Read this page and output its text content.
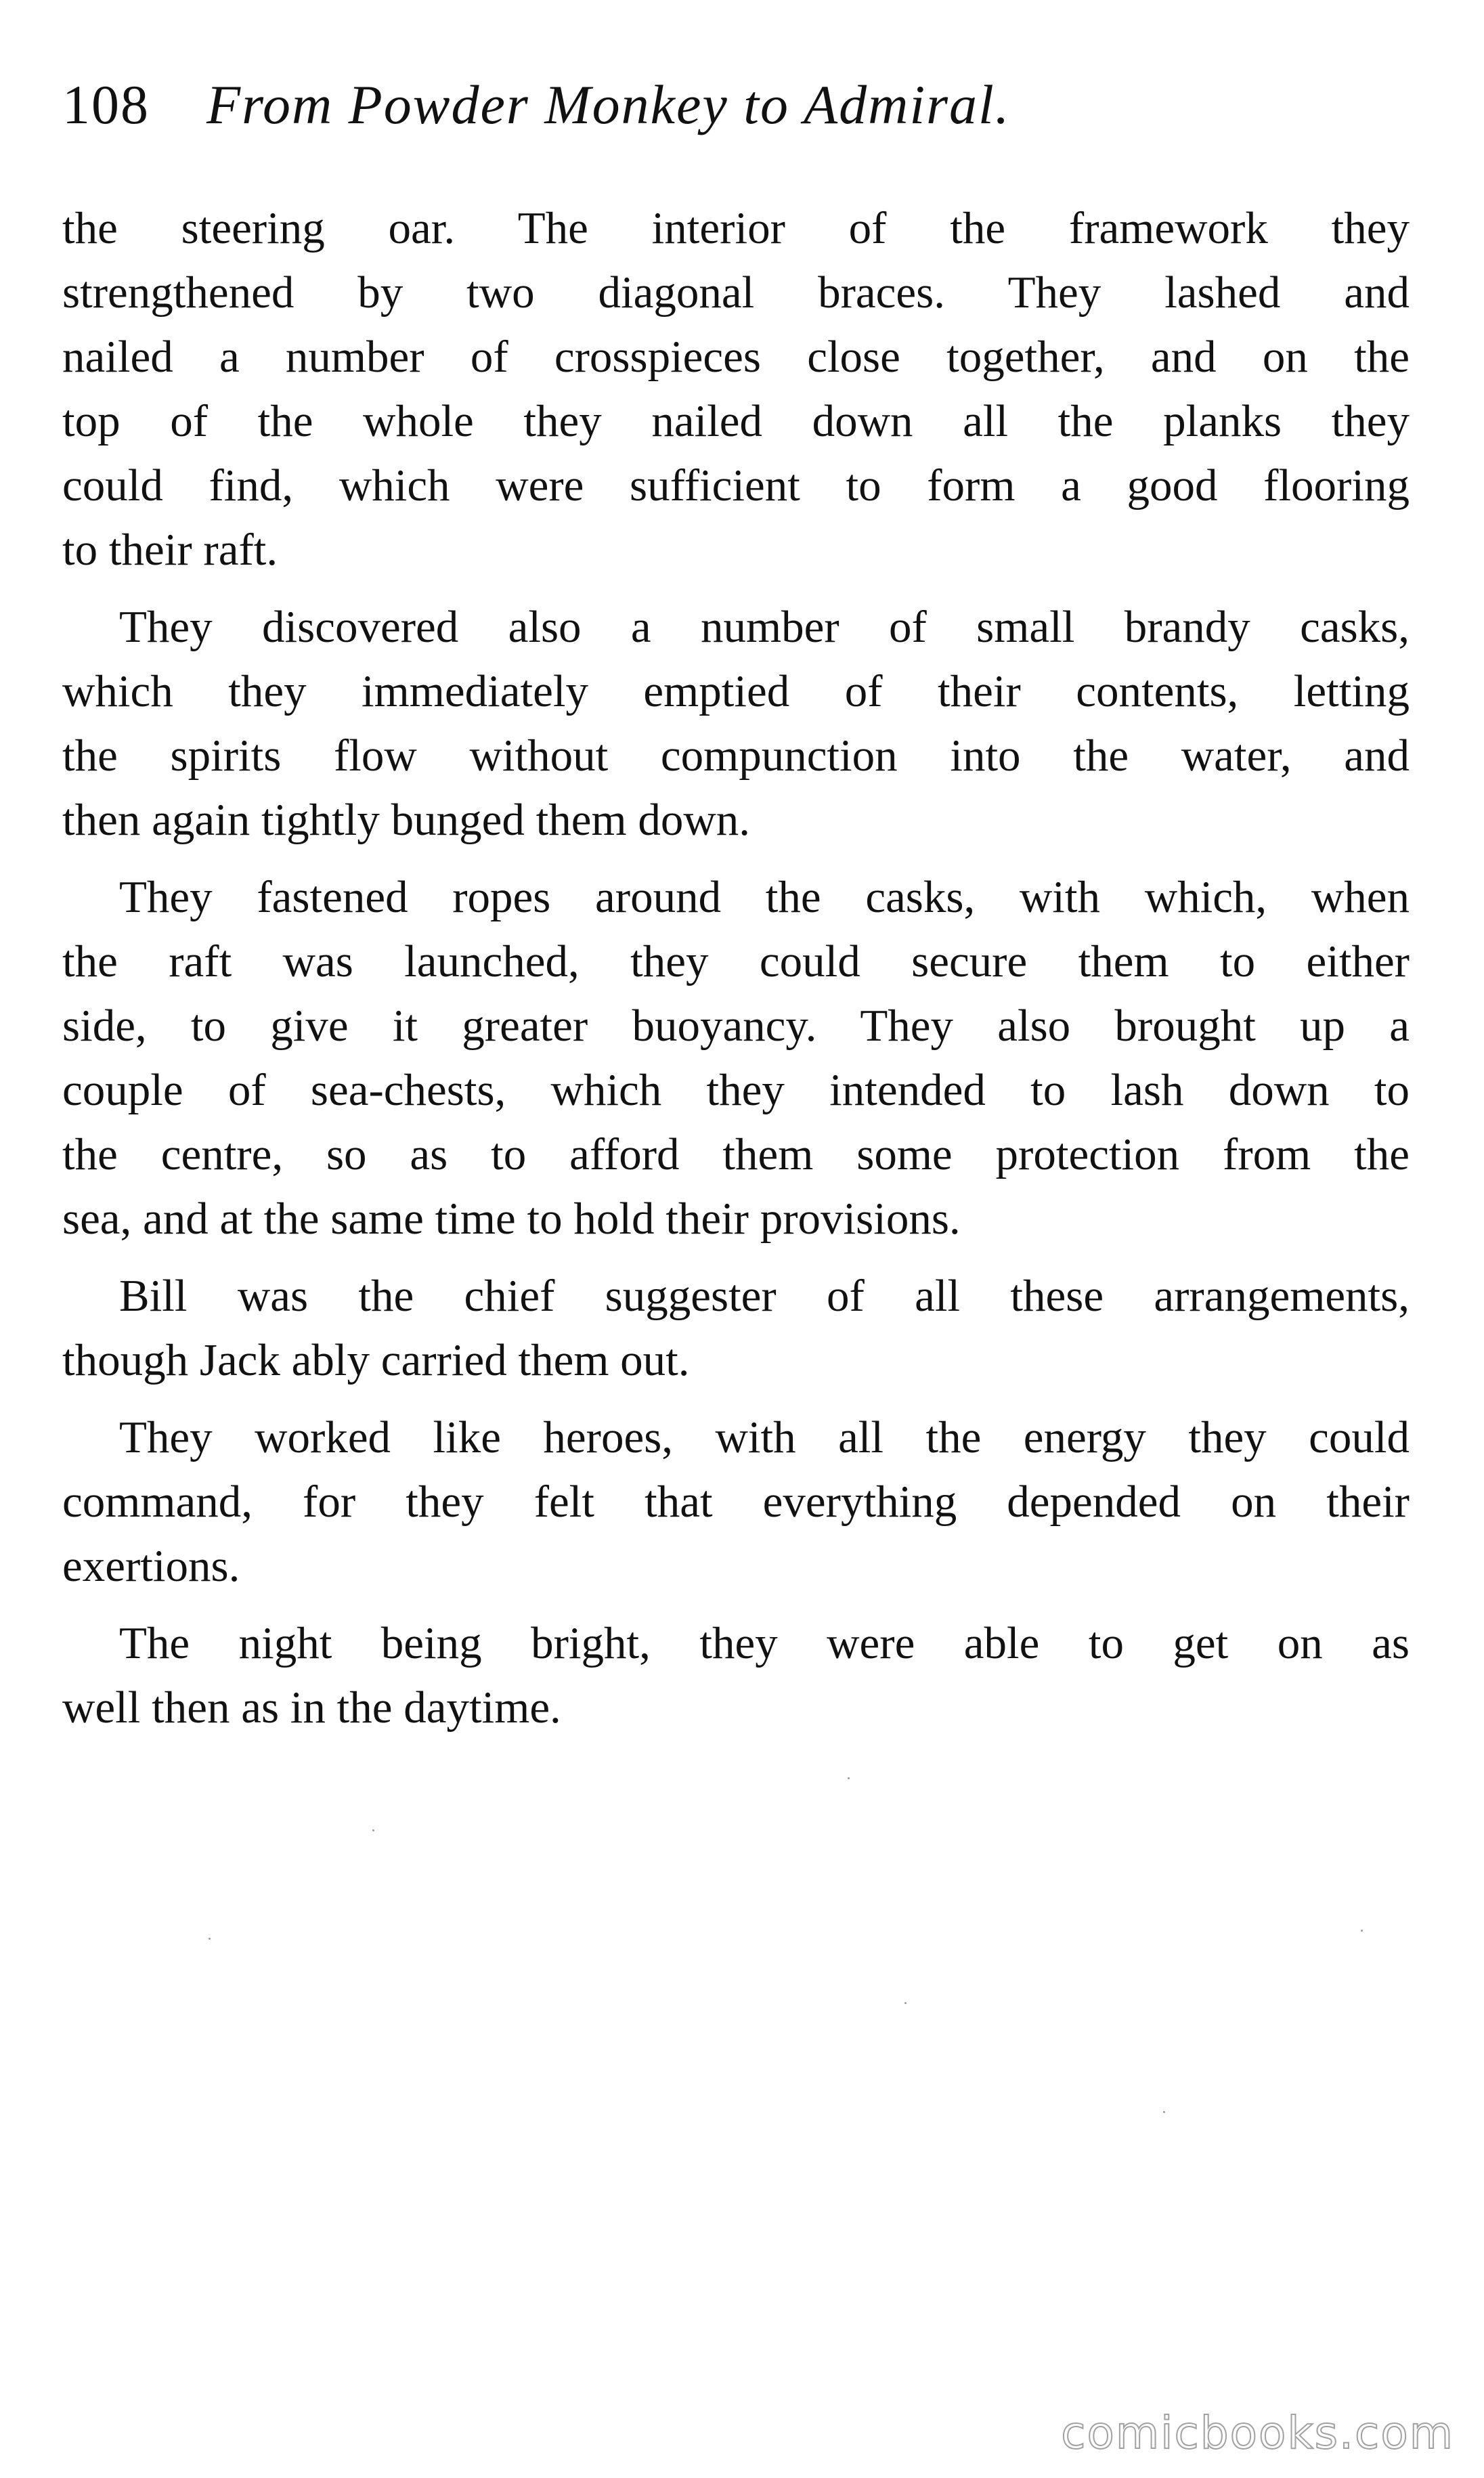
108 From Powder Monkey to Admiral.
the steering oar. The interior of the framework they
strengthened by two diagonal braces. They lashed and
nailed a number of crosspieces close together, and on the
top of the whole they nailed down all the planks they
could find, which were sufficient to form a good flooring
to their raft.
They discovered also a number of small brandy casks,
which they immediately emptied of their contents, letting
the spirits flow without compunction into the water, and
then again tightly bunged them down.
They fastened ropes around the casks, with which, when
the raft was launched, they could secure them to either
side, to give it greater buoyancy. They also brought up a
couple of sea-chests, which they intended to lash down to
the centre, so as to afford them some protection from the
sea, and at the same time to hold their provisions.
Bill was the chief suggester of all these arrangements,
though Jack ably carried them out.
They worked like heroes, with all the energy they could
command, for they felt that everything depended on their
exertions.
The night being bright, they were able to get on as
well then as in the daytime.
comicbooks.com
